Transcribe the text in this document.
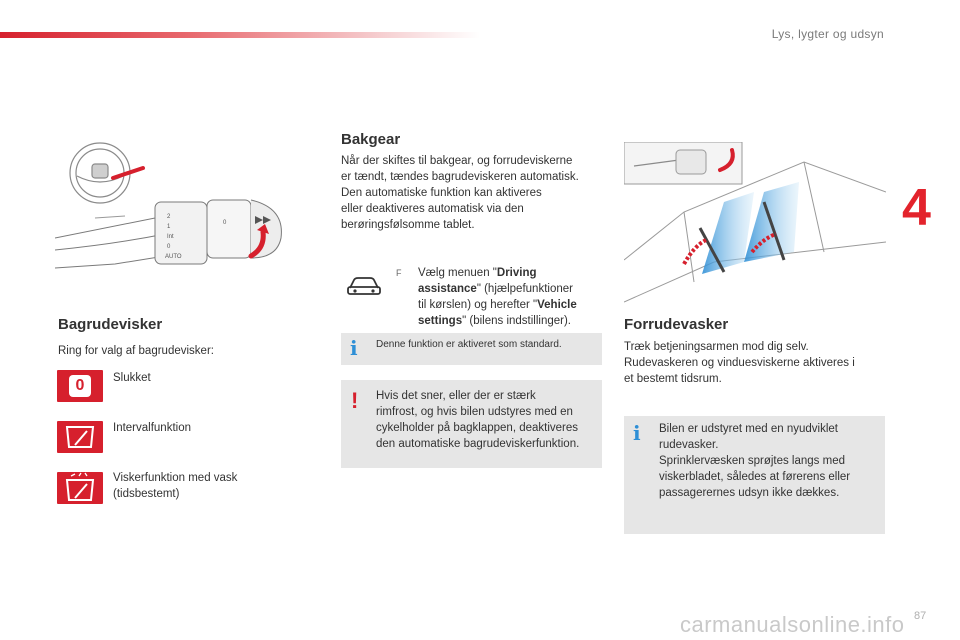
Lys, lygter og udsyn
4
2
1
Int
0
AUTO
0
Bagrudevisker
Ring for valg af bagrudevisker:
0	Slukket
Intervalfunktion
Viskerfunktion med vask
(tidsbestemt)
Bakgear
Når der skiftes til bakgear, og forrudeviskerne
er tændt, tændes bagrudeviskeren automatisk.
Den automatiske funktion kan aktiveres
eller deaktiveres automatisk via den
berøringsfølsomme tablet.
F Vælg menuen "Driving
assistance" (hjælpefunktioner
til kørslen) og herefter "Vehicle
settings" (bilens indstillinger).
i Denne funktion er aktiveret som standard.
! Hvis det sner, eller der er stærk
rimfrost, og hvis bilen udstyres med en
cykelholder på bagklappen, deaktiveres
den automatiske bagrudeviskerfunktion.
Forrudevasker
Træk betjeningsarmen mod dig selv.
Rudevaskeren og vinduesviskerne aktiveres i
et bestemt tidsrum.
i Bilen er udstyret med en nyudviklet
rudevasker.
Sprinklervæsken sprøjtes langs med
viskerbladet, således at førerens eller
passagerernes udsyn ikke dækkes.
carmanualsonline.info 87
